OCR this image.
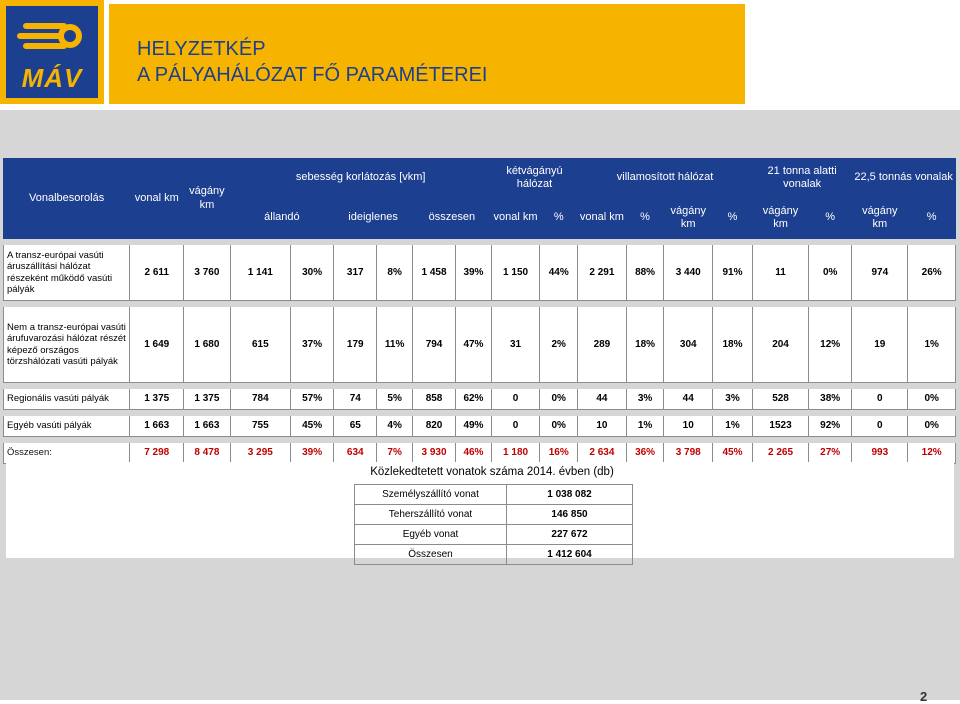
MÁV
HELYZETKÉP
A PÁLYAHÁLÓZAT FŐ PARAMÉTEREI
Vonalbesorolás	vonal km	vágány km	sebesség korlátozás [vkm]						kétvágányú hálózat		villamosított hálózat				21 tonna alatti vonalak		22,5 tonnás vonalak	
			állandó		ideiglenes		összesen		vonal km	%	vonal km	%	vágány km	%	vágány km	%	vágány km	%

A transz-európai vasúti áruszállítási hálózat részeként működő vasúti pályák	2 611	3 760	1 141	30%	317	8%	1 458	39%	1 150	44%	2 291	88%	3 440	91%	11	0%	974	26%

Nem a transz-európai vasúti árufuvarozási hálózat részét képező országos törzshálózati vasúti pályák	1 649	1 680	615	37%	179	11%	794	47%	31	2%	289	18%	304	18%	204	12%	19	1%

Regionális vasúti pályák	1 375	1 375	784	57%	74	5%	858	62%	0	0%	44	3%	44	3%	528	38%	0	0%

Egyéb vasúti pályák	1 663	1 663	755	45%	65	4%	820	49%	0	0%	10	1%	10	1%	1523	92%	0	0%

Összesen:	7 298	8 478	3 295	39%	634	7%	3 930	46%	1 180	16%	2 634	36%	3 798	45%	2 265	27%	993	12%
Közlekedtetett vonatok száma 2014. évben (db)
Személyszállító vonat	1 038 082
Teherszállító vonat	146 850
Egyéb vonat	227 672
Összesen	1 412 604
2
